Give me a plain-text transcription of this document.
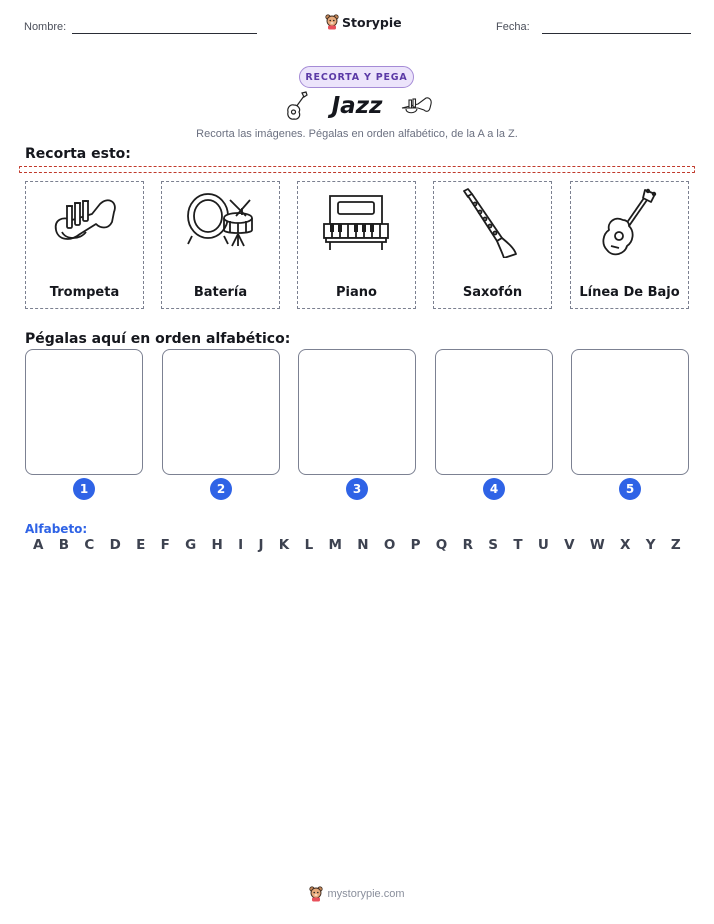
Nombre:	Storypie	Fecha:
RECORTA Y PEGA
Jazz
Recorta las imágenes. Pégalas en orden alfabético, de la A a la Z.
Recorta esto:
Trompeta	Batería	Piano	Saxofón	Línea De Bajo
Pégalas aquí en orden alfabético:
1	2	3	4	5
Alfabeto:
A B C D E F G H I J K L M N O P Q R S T U V W X Y Z
mystorypie.com
